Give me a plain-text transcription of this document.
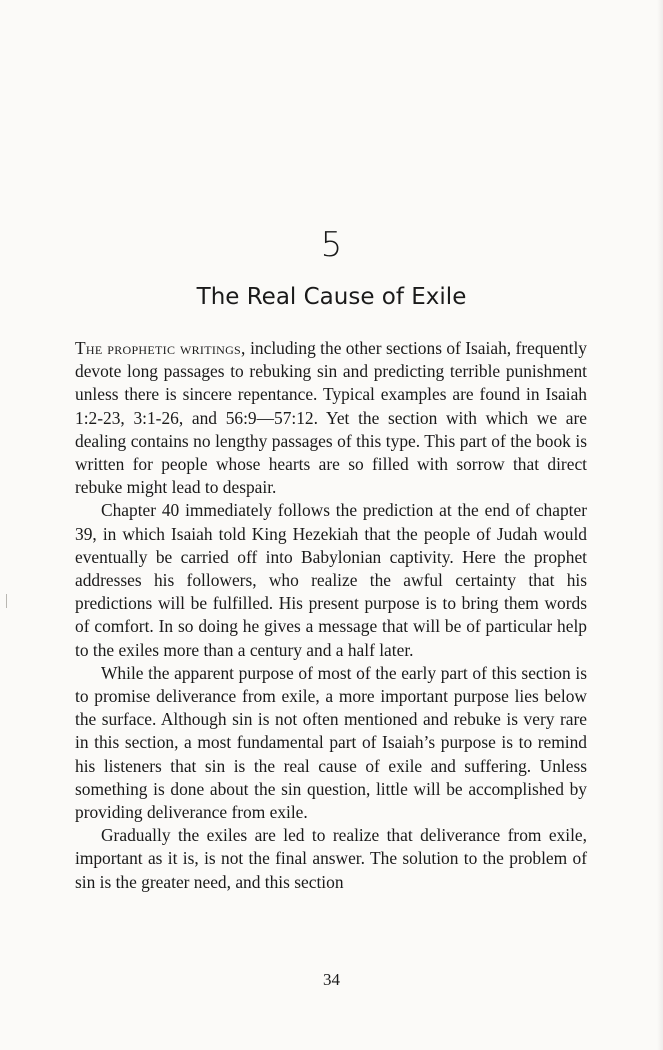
5
The Real Cause of Exile

The prophetic writings, including the other sections of Isaiah, frequently devote long passages to rebuking sin and predicting terrible punishment unless there is sincere repentance. Typical examples are found in Isaiah 1:2-23, 3:1-26, and 56:9—57:12. Yet the section with which we are dealing contains no lengthy passages of this type. This part of the book is written for people whose hearts are so filled with sorrow that direct rebuke might lead to despair.

Chapter 40 immediately follows the prediction at the end of chapter 39, in which Isaiah told King Hezekiah that the people of Judah would eventually be carried off into Babylonian captivity. Here the prophet addresses his followers, who realize the awful certainty that his predictions will be fulfilled. His present purpose is to bring them words of comfort. In so doing he gives a message that will be of particular help to the exiles more than a century and a half later.

While the apparent purpose of most of the early part of this section is to promise deliverance from exile, a more important purpose lies below the surface. Although sin is not often mentioned and rebuke is very rare in this section, a most fundamental part of Isaiah’s purpose is to remind his listeners that sin is the real cause of exile and suffering. Unless something is done about the sin question, little will be accomplished by providing deliverance from exile.

Gradually the exiles are led to realize that deliverance from exile, important as it is, is not the final answer. The solution to the problem of sin is the greater need, and this section

34
